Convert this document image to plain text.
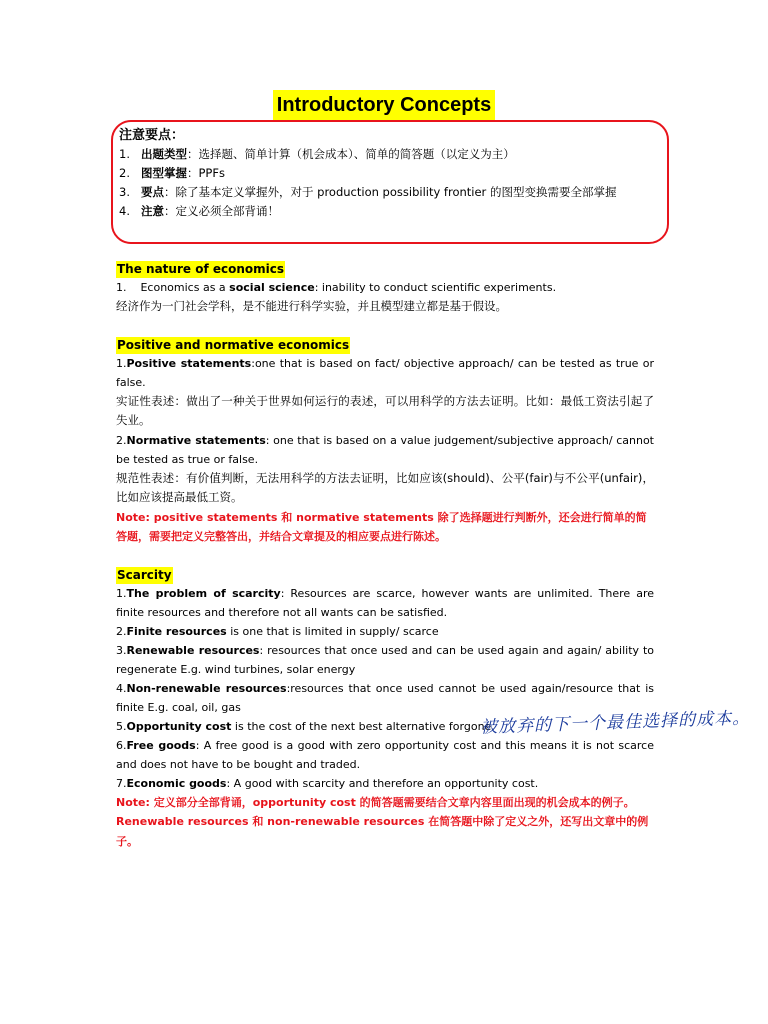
Introductory Concepts
注意要点：
1. 出题类型：选择题、简单计算（机会成本）、简单的简答题（以定义为主）
2. 图型掌握：PPFs
3. 要点：除了基本定义掌握外，对于 production possibility frontier 的图型变换需要全部掌握
4. 注意：定义必须全部背诵！
The nature of economics
1.    Economics as a social science: inability to conduct scientific experiments.
经济作为一门社会学科，是不能进行科学实验，并且模型建立都是基于假设。
Positive and normative economics
1.Positive statements:one that is based on fact/ objective approach/ can be tested as true or false.
实证性表述：做出了一种关于世界如何运行的表述，可以用科学的方法去证明。比如：最低工资法引起了失业。
2.Normative statements: one that is based on a value judgement/subjective approach/ cannot be tested as true or false.
规范性表述：有价值判断，无法用科学的方法去证明，比如应该(should)、公平(fair)与不公平(unfair)，比如应该提高最低工资。
Note: positive statements 和 normative statements 除了选择题进行判断外，还会进行简单的简答题，需要把定义完整答出，并结合文章提及的相应要点进行陈述。
Scarcity
1.The problem of scarcity: Resources are scarce, however wants are unlimited. There are finite resources and therefore not all wants can be satisfied.
2.Finite resources is one that is limited in supply/ scarce
3.Renewable resources: resources that once used and can be used again and again/ ability to regenerate E.g. wind turbines, solar energy
4.Non-renewable resources:resources that once used cannot be used again/resource that is finite E.g. coal, oil, gas
5.Opportunity cost is the cost of the next best alternative forgone.
6.Free goods: A free good is a good with zero opportunity cost and this means it is not scarce and does not have to be bought and traded.
7.Economic goods: A good with scarcity and therefore an opportunity cost.
Note: 定义部分全部背诵，opportunity cost 的简答题需要结合文章内容里面出现的机会成本的例子。Renewable resources 和 non-renewable resources 在简答题中除了定义之外，还写出文章中的例子。
被放弃的下一个最佳选择的成本。
